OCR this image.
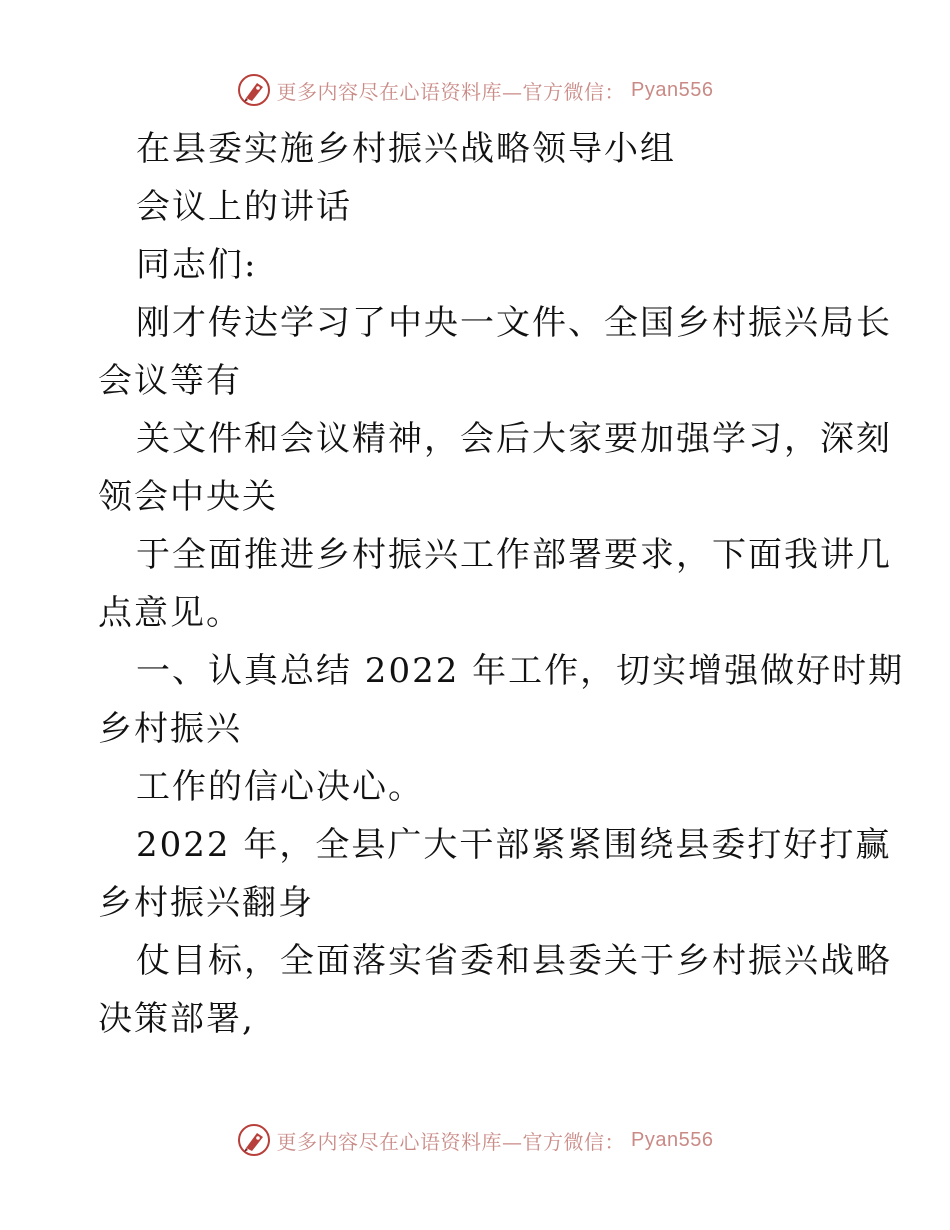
更多内容尽在心语资料库—官方微信： Pyan556
在县委实施乡村振兴战略领导小组
会议上的讲话
同志们:
刚才传达学习了中央一文件、全国乡村振兴局长
会议等有
关文件和会议精神，会后大家要加强学习，深刻
领会中央关
于全面推进乡村振兴工作部署要求，下面我讲几
点意见。
一、认真总结 2022 年工作，切实增强做好时期
乡村振兴
工作的信心决心。
2022 年，全县广大干部紧紧围绕县委打好打赢
乡村振兴翻身
仗目标，全面落实省委和县委关于乡村振兴战略
决策部署,
更多内容尽在心语资料库—官方微信： Pyan556
